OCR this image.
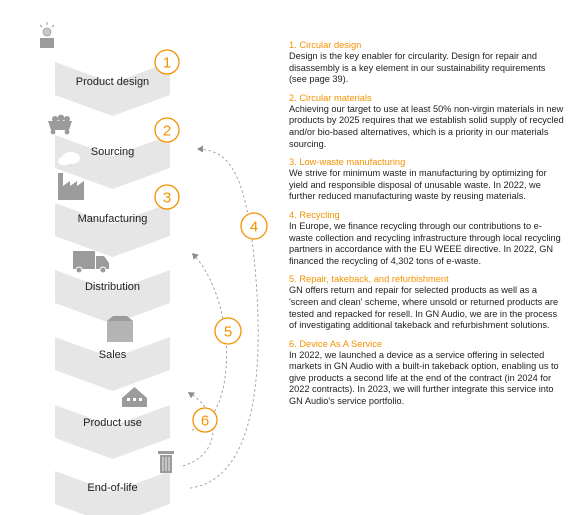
Product design
Sourcing
Manufacturing
Distribution
Sales
Product use
End-of-life
1
2
3
4
5
6
1. Circular design

Design is the key enabler for circularity. Design for repair and disassembly is a key element in our sustainability requirements (see page 39).

2. Circular materials

Achieving our target to use at least 50% non-virgin materials in new products by 2025 requires that we establish solid supply of recycled and/or bio-based alternatives, which is a priority in our materials sourcing.

3. Low-waste manufacturing

We strive for minimum waste in manufacturing by optimizing for yield and responsible disposal of unusable waste. In 2022, we further reduced manufacturing waste by reusing materials.

4. Recycling

In Europe, we finance recycling through our contributions to e-waste collection and recycling infrastructure through local recycling partners in accordance with the EU WEEE directive. In 2022, GN financed the recycling of 4,302 tons of e-waste.

5. Repair, takeback, and refurbishment

GN offers return and repair for selected products as well as a 'screen and clean' scheme, where unsold or returned products are tested and repacked for resell. In GN Audio, we are in the process of investigating additional takeback and refurbishment solutions.

6. Device As A Service

In 2022, we launched a device as a service offering in selected markets in GN Audio with a built-in takeback option, enabling us to give products a second life at the end of the contract (in 2024 for 2022 contracts). In 2023, we will further integrate this service into GN Audio's service portfolio.
